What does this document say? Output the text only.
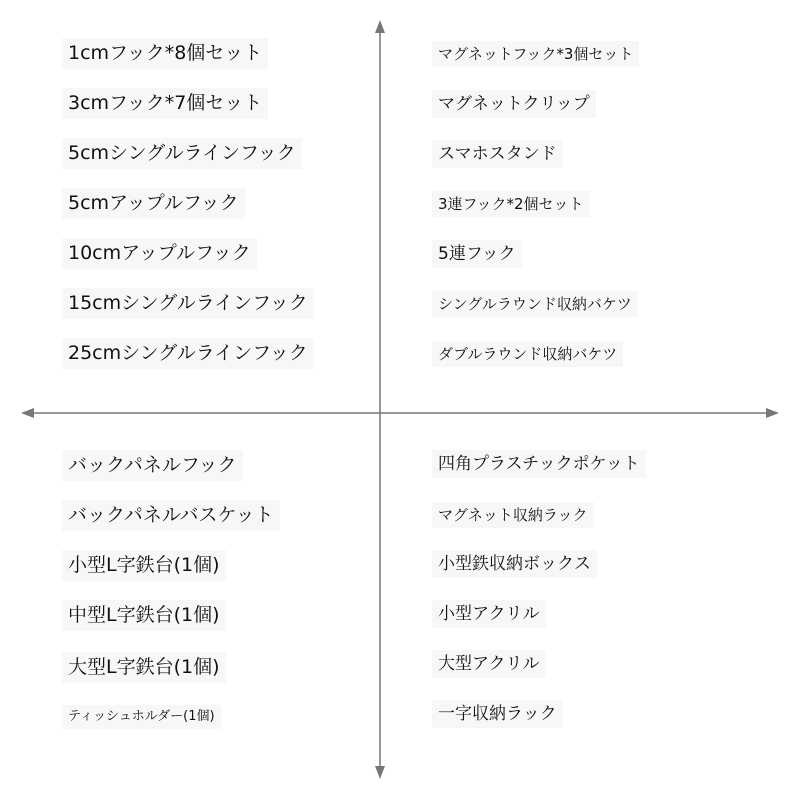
1cmフック*8個セット
3cmフック*7個セット
5cmシングルラインフック
5cmアップルフック
10cmアップルフック
15cmシングルラインフック
25cmシングルラインフック
マグネットフック*3個セット
マグネットクリップ
スマホスタンド
3連フック*2個セット
5連フック
シングルラウンド収納バケツ
ダブルラウンド収納バケツ
バックパネルフック
バックパネルバスケット
小型L字鉄台(1個)
中型L字鉄台(1個)
大型L字鉄台(1個)
ティッシュホルダー(1個)
四角プラスチックポケット
マグネット収納ラック
小型鉄収納ボックス
小型アクリル
大型アクリル
一字収納ラック
